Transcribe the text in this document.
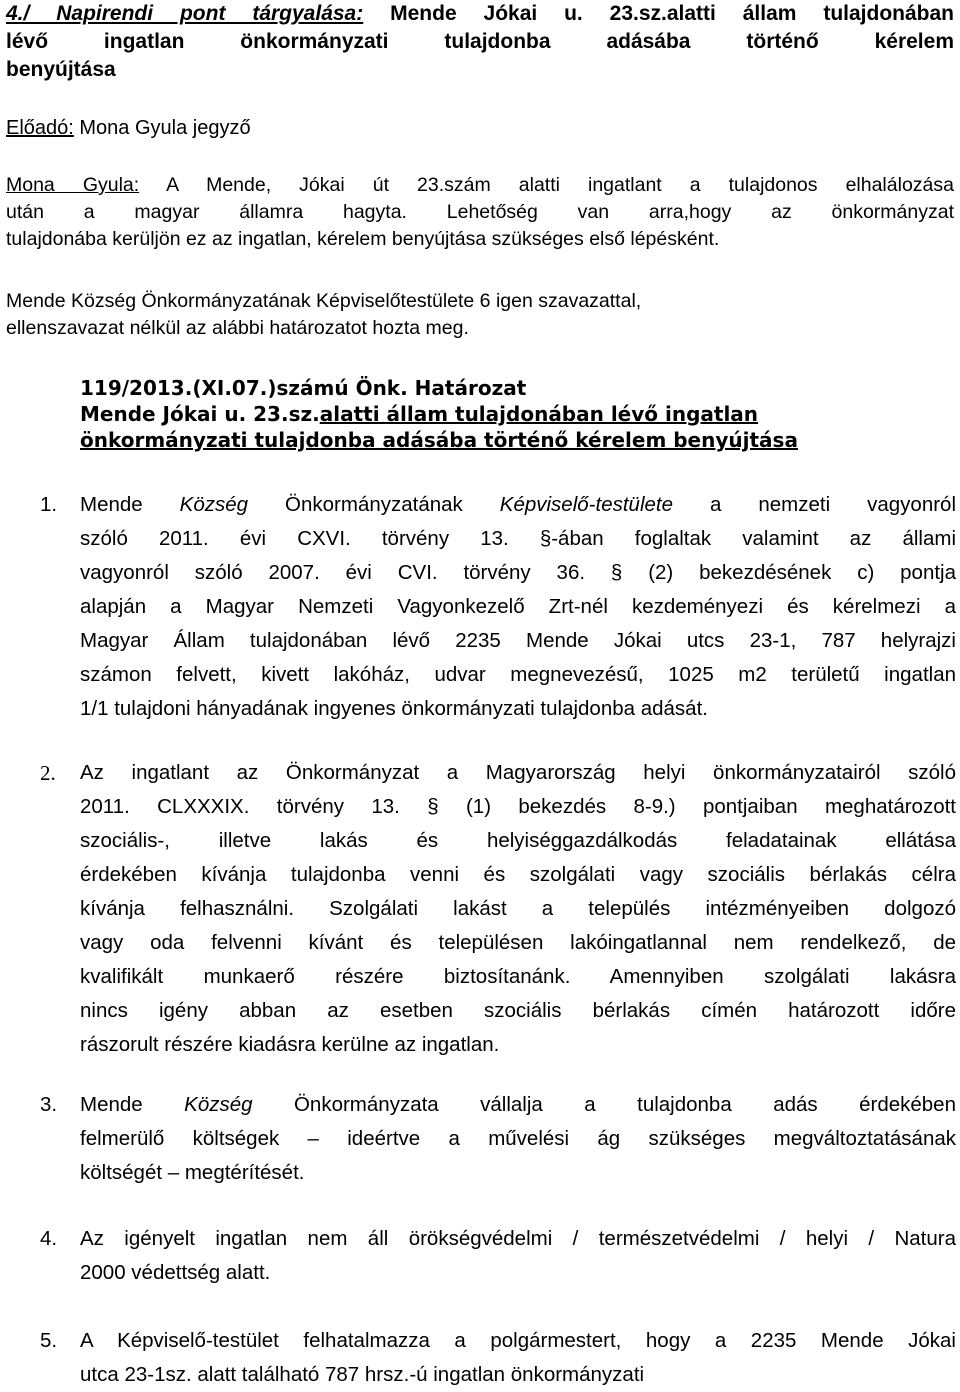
4./ Napirendi pont tárgyalása: Mende Jókai u. 23.sz.alatti állam tulajdonában
lévő ingatlan önkormányzati tulajdonba adásába történő kérelem
benyújtása
Előadó: Mona Gyula jegyző
Mona Gyula: A Mende, Jókai út 23.szám alatti ingatlant a tulajdonos elhalálozása
után a magyar államra hagyta. Lehetőség van arra,hogy az önkormányzat
tulajdonába kerüljön ez az ingatlan, kérelem benyújtása szükséges első lépésként.
Mende Község Önkormányzatának Képviselőtestülete 6 igen szavazattal,
ellenszavazat nélkül az alábbi határozatot hozta meg.
119/2013.(XI.07.)számú Önk. Határozat
Mende Jókai u. 23.sz.alatti állam tulajdonában lévő ingatlan
önkormányzati tulajdonba adásába történő kérelem benyújtása
1. Mende Község Önkormányzatának Képviselő-testülete a nemzeti vagyonról
szóló 2011. évi CXVI. törvény 13. §-ában foglaltak valamint az állami
vagyonról szóló 2007. évi CVI. törvény 36. § (2) bekezdésének c) pontja
alapján a Magyar Nemzeti Vagyonkezelő Zrt-nél kezdeményezi és kérelmezi a
Magyar Állam tulajdonában lévő 2235 Mende Jókai utcs 23-1, 787 helyrajzi
számon felvett, kivett lakóház, udvar megnevezésű, 1025 m2 területű ingatlan
1/1 tulajdoni hányadának ingyenes önkormányzati tulajdonba adását.
2. Az ingatlant az Önkormányzat a Magyarország helyi önkormányzatairól szóló
2011. CLXXXIX. törvény 13. § (1) bekezdés 8-9.) pontjaiban meghatározott
szociális-, illetve lakás és helyiséggazdálkodás feladatainak ellátása
érdekében kívánja tulajdonba venni és szolgálati vagy szociális bérlakás célra
kívánja felhasználni. Szolgálati lakást a település intézményeiben dolgozó
vagy oda felvenni kívánt és településen lakóingatlannal nem rendelkező, de
kvalifikált munkaerő részére biztosítanánk. Amennyiben szolgálati lakásra
nincs igény abban az esetben szociális bérlakás címén határozott időre
rászorult részére kiadásra kerülne az ingatlan.
3. Mende Község Önkormányzata vállalja a tulajdonba adás érdekében
felmerülő költségek – ideértve a művelési ág szükséges megváltoztatásának
költségét – megtérítését.
4. Az igényelt ingatlan nem áll örökségvédelmi / természetvédelmi / helyi / Natura
2000 védettség alatt.
5. A Képviselő-testület felhatalmazza a polgármestert, hogy a 2235 Mende Jókai
utca 23-1sz. alatt található 787 hrsz.-ú ingatlan önkormányzati
